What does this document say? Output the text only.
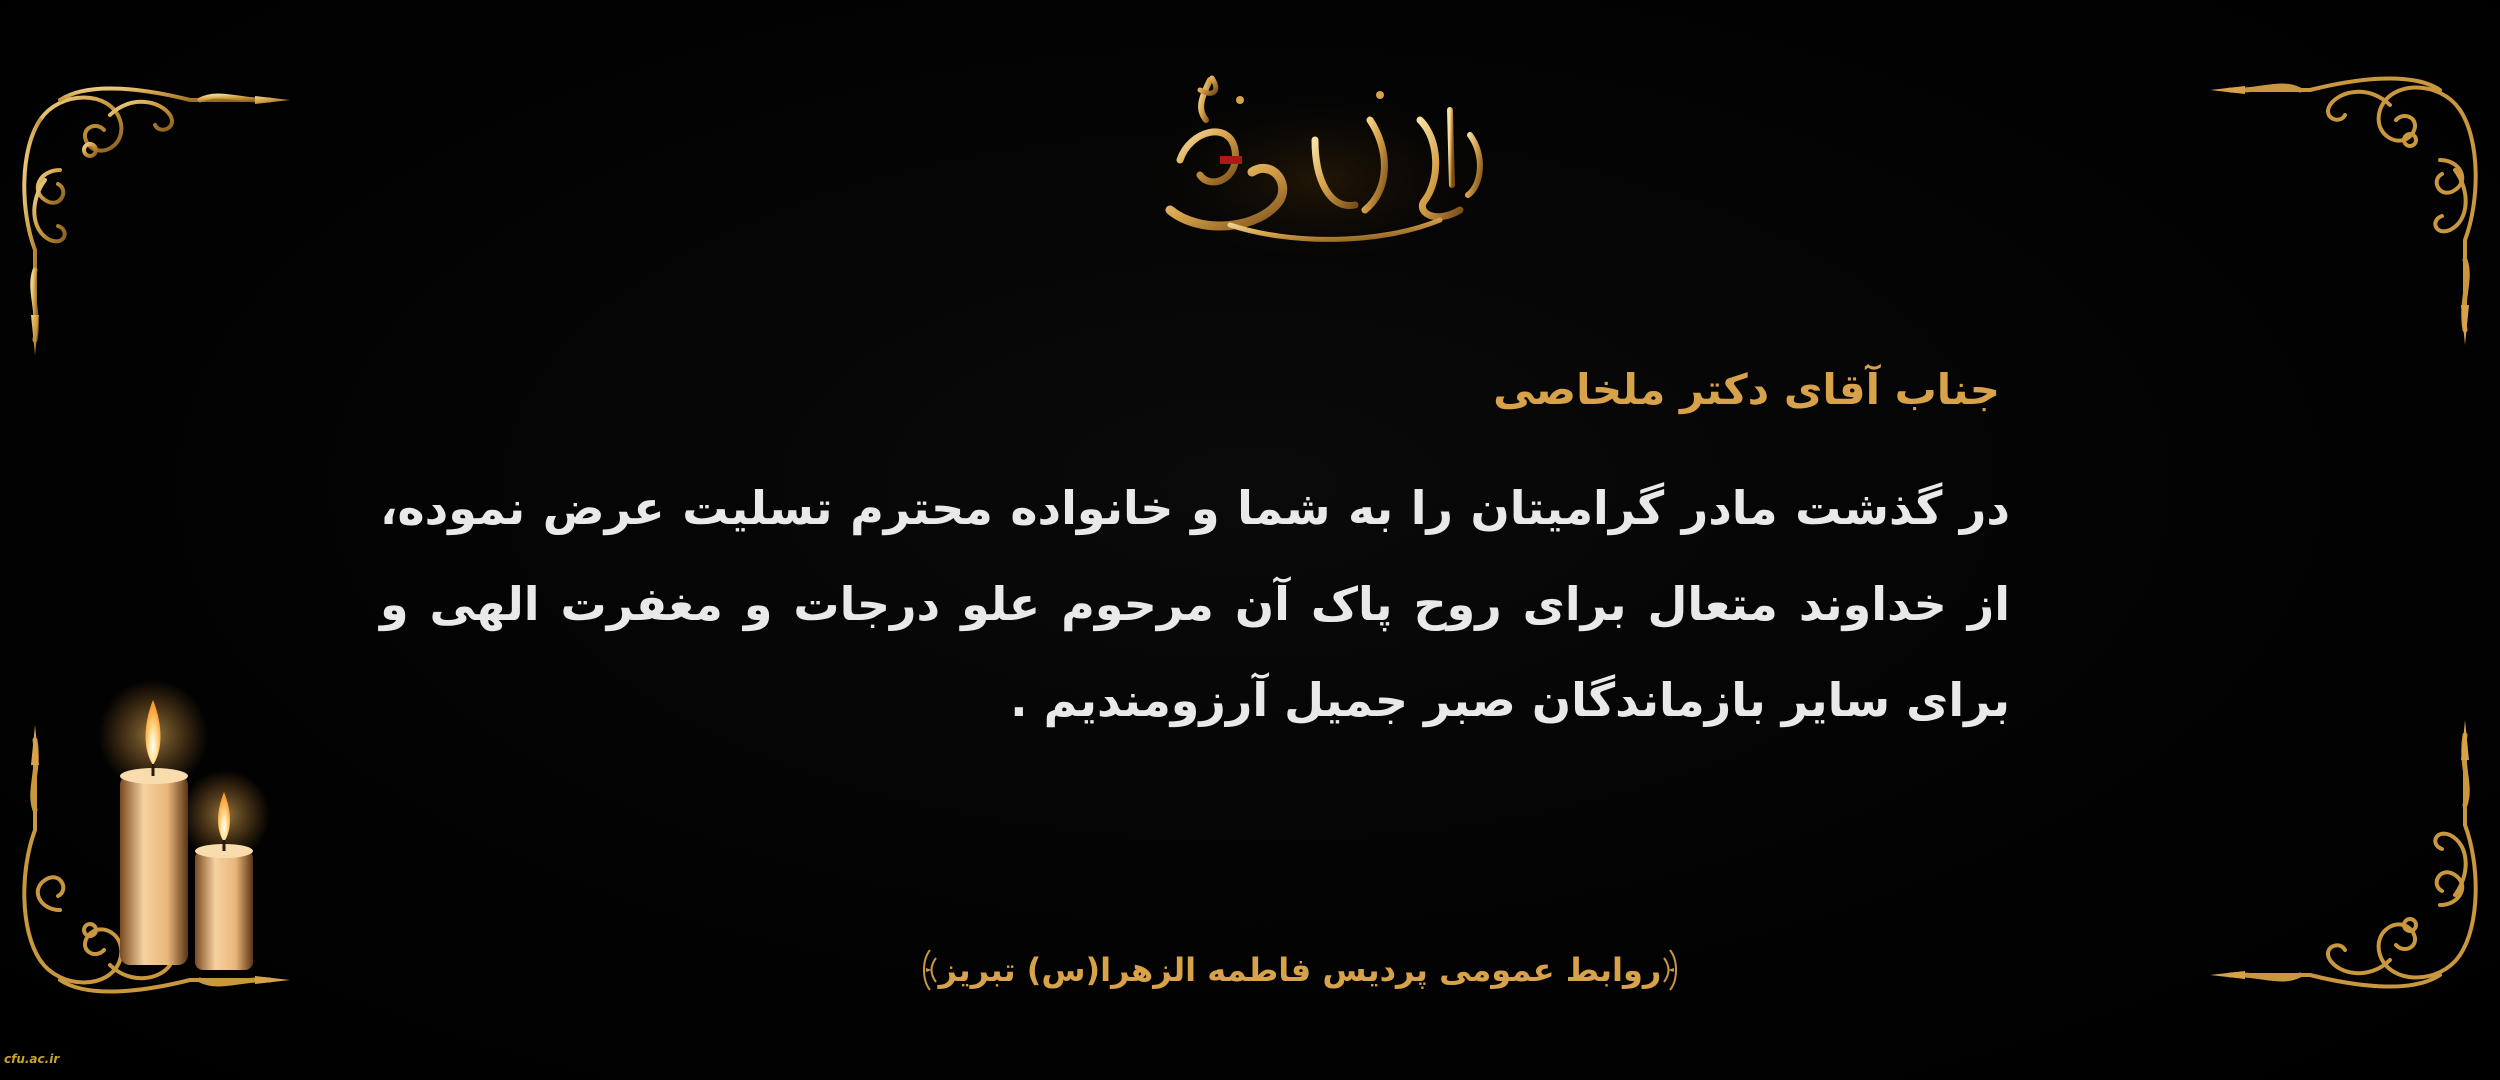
جناب آقای دکتر ملخاصی
در گذشت مادر گرامیتان را به شما و خانواده محترم تسلیت عرض نموده، از خداوند متعال برای روح پاک آن مرحوم علو درجات و مغفرت الهی و برای سایر بازماندگان صبر جمیل آرزومندیم .
روابط عمومی پردیس فاطمه الزهرا(س) تبریز
cfu.ac.ir
